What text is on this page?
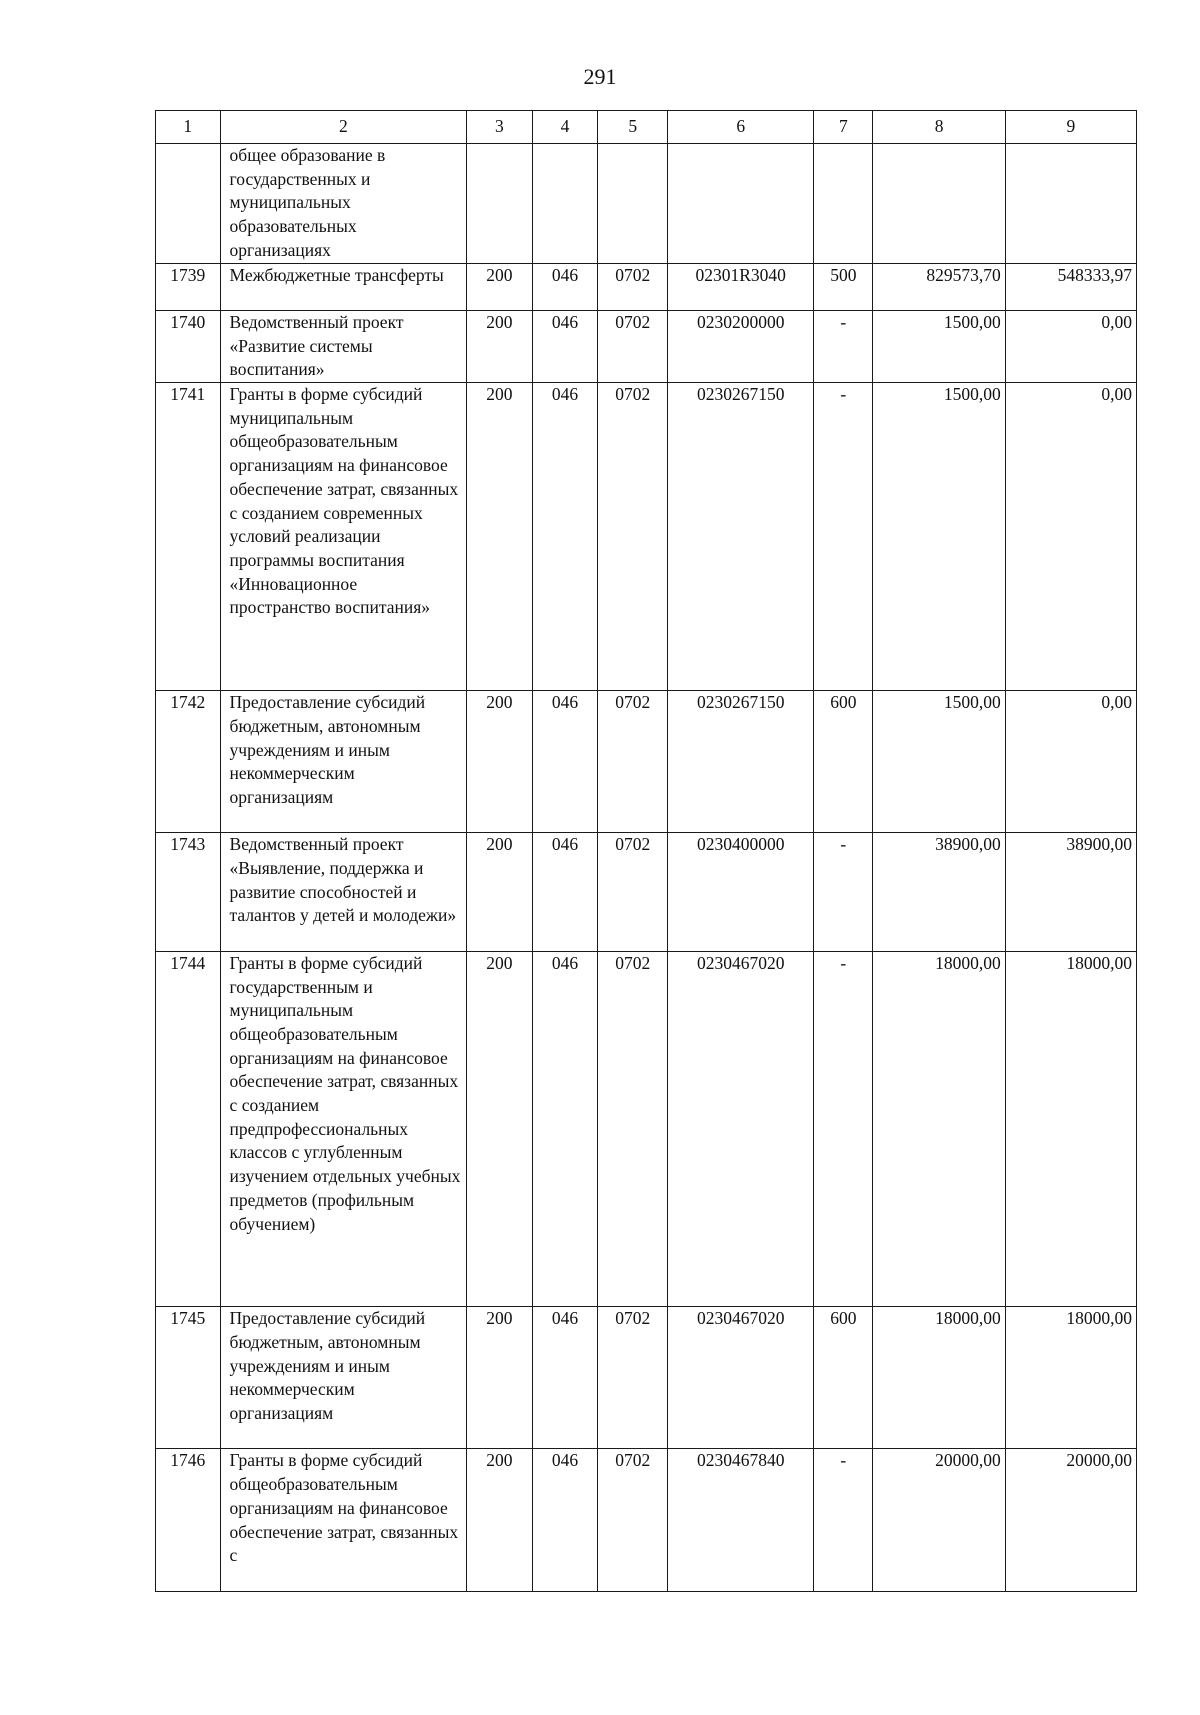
291
1	2	3	4	5	6	7	8	9
	общее образование в государственных и муниципальных образовательных организациях							
1739	Межбюджетные трансферты	200	046	0702	02301R3040	500	829573,70	548333,97
1740	Ведомственный проект «Развитие системы воспитания»	200	046	0702	0230200000	-	1500,00	0,00
1741	Гранты в форме субсидий муниципальным общеобразовательным организациям на финансовое обеспечение затрат, связанных с созданием современных условий реализации программы воспитания «Инновационное пространство воспитания»	200	046	0702	0230267150	-	1500,00	0,00
1742	Предоставление субсидий бюджетным, автономным учреждениям и иным некоммерческим организациям	200	046	0702	0230267150	600	1500,00	0,00
1743	Ведомственный проект «Выявление, поддержка и развитие способностей и талантов у детей и молодежи»	200	046	0702	0230400000	-	38900,00	38900,00
1744	Гранты в форме субсидий государственным и муниципальным общеобразовательным организациям на финансовое обеспечение затрат, связанных с созданием предпрофессиональных классов с углубленным изучением отдельных учебных предметов (профильным обучением)	200	046	0702	0230467020	-	18000,00	18000,00
1745	Предоставление субсидий бюджетным, автономным учреждениям и иным некоммерческим организациям	200	046	0702	0230467020	600	18000,00	18000,00
1746	Гранты в форме субсидий общеобразовательным организациям на финансовое обеспечение затрат, связанных с	200	046	0702	0230467840	-	20000,00	20000,00
